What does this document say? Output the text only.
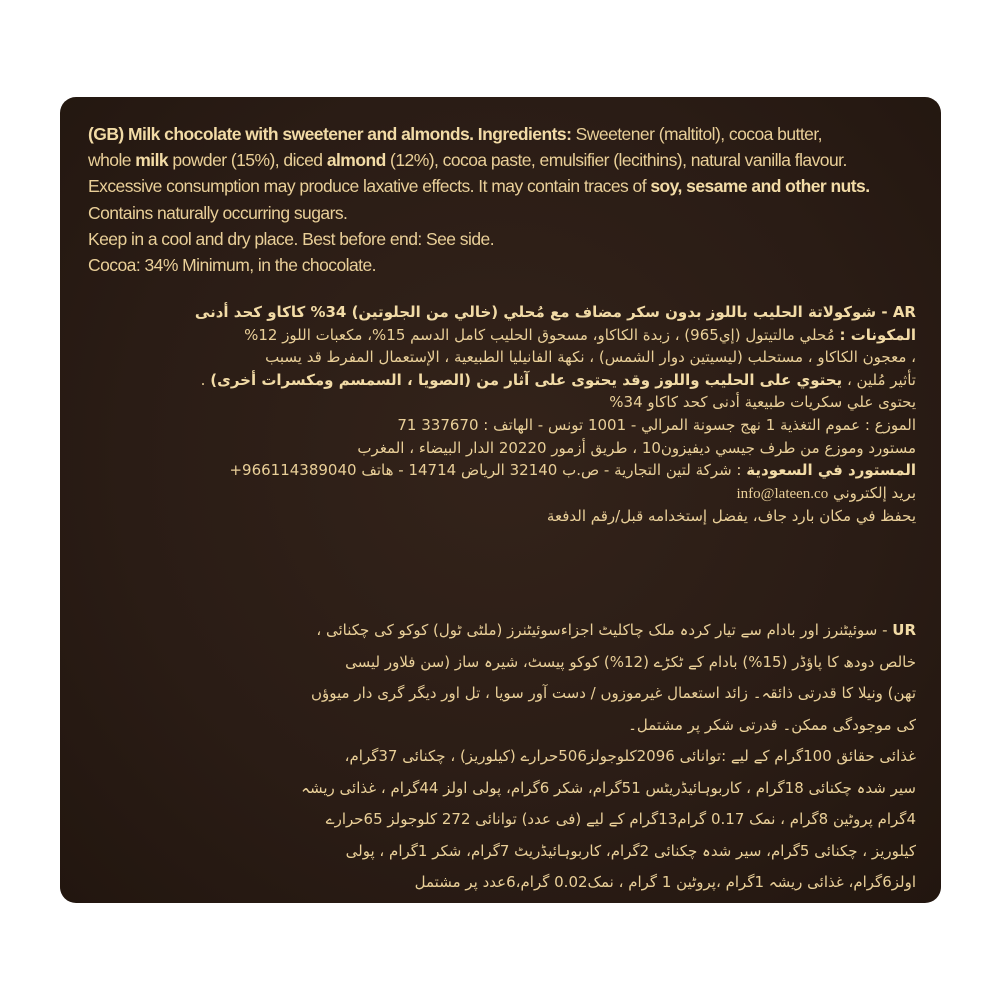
(GB) Milk chocolate with sweetener and almonds. Ingredients: Sweetener (maltitol), cocoa butter,
whole milk powder (15%), diced almond (12%), cocoa paste, emulsifier (lecithins), natural vanilla flavour.
Excessive consumption may produce laxative effects. It may contain traces of soy, sesame and other nuts.
Contains naturally occurring sugars.
Keep in a cool and dry place. Best before end: See side.
Cocoa: 34% Minimum, in the chocolate.
AR - شوكولاتة الحليب باللوز بدون سكر مضاف مع مُحلي (خالي من الجلوتين) 34% كاكاو كحد أدنى
المكونات : مُحلي مالتيتول (إي965) ، زبدة الكاكاو، مسحوق الحليب كامل الدسم 15%، مكعبات اللوز 12%
، معجون الكاكاو ، مستحلب (ليسيتين دوار الشمس) ، نكهة الفانيليا الطبيعية ، الإستعمال المفرط قد يسبب
تأثير مُلين ، يحتوي على الحليب واللوز وقد يحتوى على آثار من (الصويا ، السمسم ومكسرات أخرى) .
يحتوى علي سكريات طبيعية أدنى كحد كاكاو 34%
الموزع : عموم التغذية 1 نهج جسونة المرالي - 1001 تونس - الهاتف : 337670 71
مستورد وموزع من طرف جيسي ديفيزون10 ، طريق أزمور 20220 الدار البيضاء ، المغرب
المستورد في السعودية : شركة لتين التجارية - ص.ب 32140 الرياض 14714 - هاتف 966114389040+
بريد إلكتروني info@lateen.co
يحفظ في مكان بارد جاف، يفضل إستخدامه قبل/رقم الدفعة
UR - سوئیٹنرز اور بادام سے تیار کردہ ملک چاکلیٹ اجزاءسوئیٹنرز (ملٹی ٹول) کوکو کی چکنائی ،
خالص دودھ کا پاؤڈر (15%) بادام کے ٹکڑے (12%) کوکو پیسٹ، شیرہ ساز (سن فلاور لیسی
تھن) ونیلا کا قدرتی ذائقہ۔ زائد استعمال غیرموزوں / دست آور سویا ، تل اور دیگر گری دار میوؤں
کی موجودگی ممکن۔ قدرتی شکر پر مشتمل۔
غذائی حقائق 100گرام کے لیے :توانائی 2096کلوجولز506حرارے (کیلوریز) ، چکنائی 37گرام،
سیر شدہ چکنائی 18گرام ، کاربوہائیڈریٹس 51گرام، شکر 6گرام، پولی اولز 44گرام ، غذائی ریشہ
4گرام پروٹین 8گرام ، نمک 0.17 گرام13گرام کے لیے (فی عدد) توانائی 272 کلوجولز 65حرارے
کیلوریز ، چکنائی 5گرام، سیر شدہ چکنائی 2گرام، کاربوہائیڈریٹ 7گرام، شکر 1گرام ، پولی
اولز6گرام، غذائی ریشہ 1گرام ،پروٹین 1 گرام ، نمک0.02 گرام،6عدد پر مشتمل
